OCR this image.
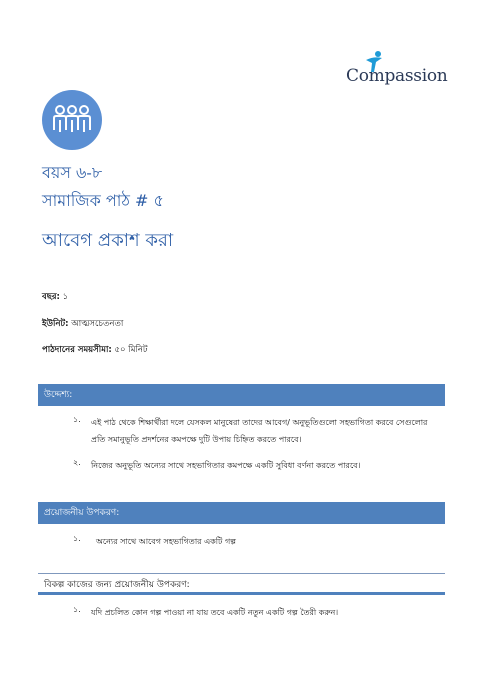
Compassion
বয়স ৬-৮
সামাজিক পাঠ # ৫
আবেগ প্রকাশ করা
বছর: ১
ইউনিট: আত্মসচেতনতা
পাঠদানের সময়সীমা: ৫০ মিনিট
উদ্দেশ্য:
১. এই পাঠ থেকে শিক্ষার্থীরা দলে যেসকল মানুষেরা তাদের আবেগ/ অনুভূতিগুলো সহভাগিতা করবে সেগুলোর প্রতি সমানুভূতি প্রদর্শনের কমপক্ষে দুটি উপায় চিহ্নিত করতে পারবে।
২. নিজের অনুভূতি অন্যের সাথে সহভাগিতার কমপক্ষে একটি সুবিধা বর্ণনা করতে পারবে।
প্রয়োজনীয় উপকরণ:
১. অন্যের সাথে আবেগ সহভাগিতার একটি গল্প
বিকল্প কাজের জন্য প্রয়োজনীয় উপকরণ:
১. যদি প্রচলিত কোন গল্প পাওয়া না যায় তবে একটি নতুন একটি গল্প তৈরী করুন।
